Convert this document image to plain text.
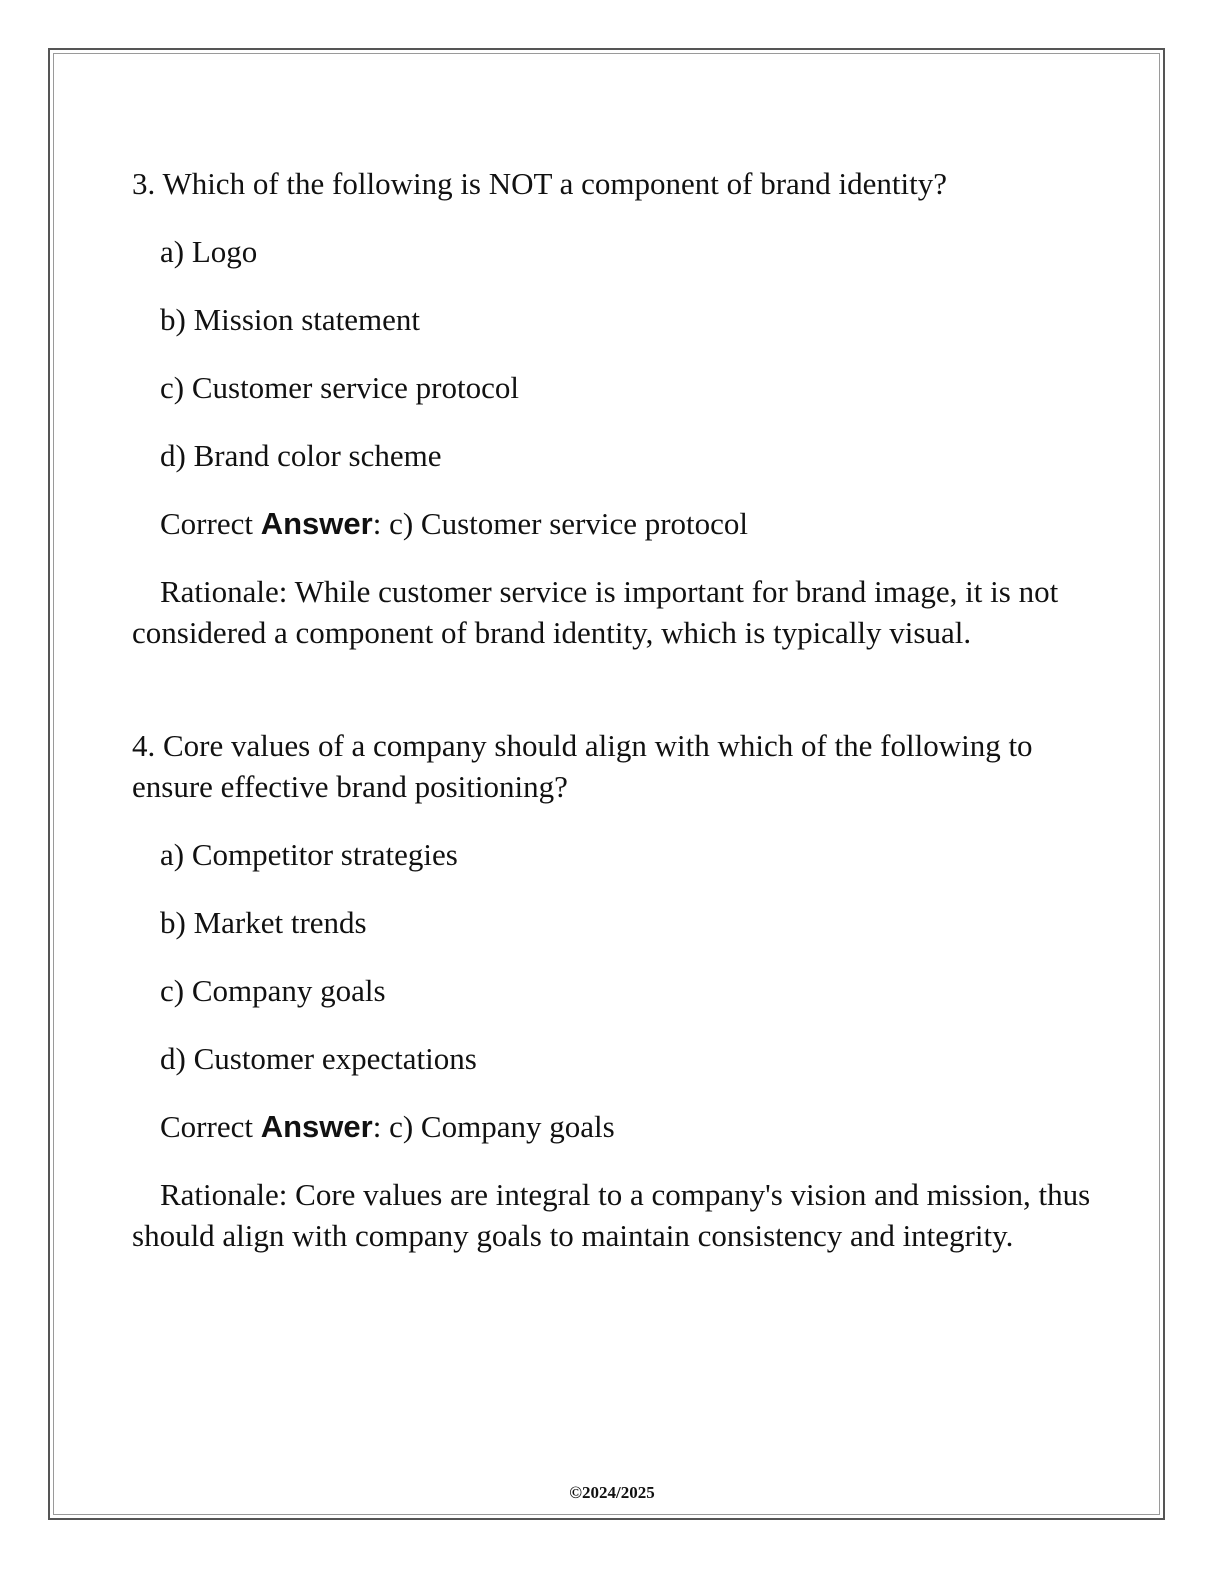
3. Which of the following is NOT a component of brand identity?

a) Logo

b) Mission statement

c) Customer service protocol

d) Brand color scheme

Correct Answer: c) Customer service protocol

Rationale: While customer service is important for brand image, it is not considered a component of brand identity, which is typically visual.

4. Core values of a company should align with which of the following to ensure effective brand positioning?

a) Competitor strategies

b) Market trends

c) Company goals

d) Customer expectations

Correct Answer: c) Company goals

Rationale: Core values are integral to a company's vision and mission, thus should align with company goals to maintain consistency and integrity.

©2024/2025
